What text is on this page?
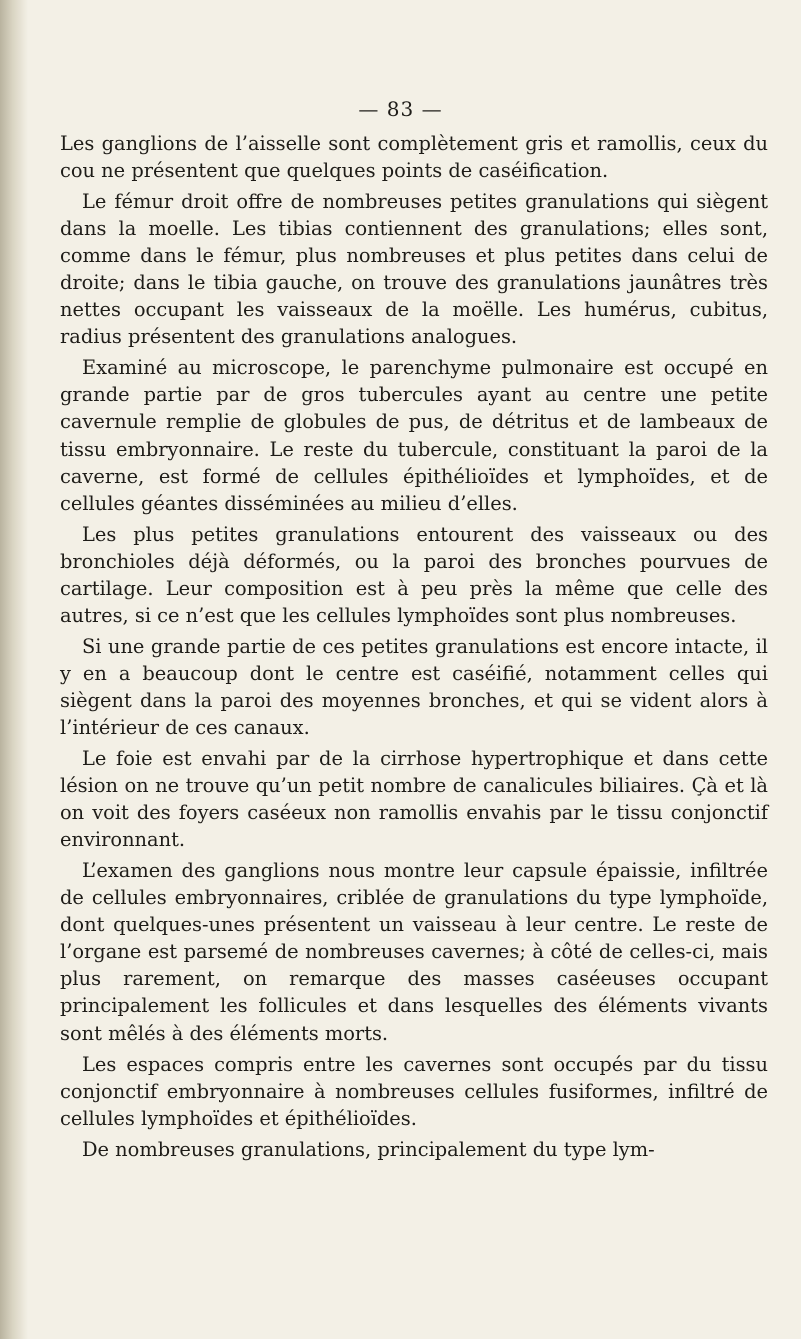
— 83 —

Les ganglions de l’aisselle sont complètement gris et ramollis, ceux du cou ne présentent que quelques points de caséification.

Le fémur droit offre de nombreuses petites granulations qui siègent dans la moelle. Les tibias contiennent des granulations; elles sont, comme dans le fémur, plus nombreuses et plus petites dans celui de droite; dans le tibia gauche, on trouve des granulations jaunâtres très nettes occupant les vaisseaux de la moëlle. Les humérus, cubitus, radius présentent des granulations analogues.

Examiné au microscope, le parenchyme pulmonaire est occupé en grande partie par de gros tubercules ayant au centre une petite cavernule remplie de globules de pus, de détritus et de lambeaux de tissu embryonnaire. Le reste du tubercule, constituant la paroi de la caverne, est formé de cellules épithélioïdes et lymphoïdes, et de cellules géantes disséminées au milieu d’elles.

Les plus petites granulations entourent des vaisseaux ou des bronchioles déjà déformés, ou la paroi des bronches pourvues de cartilage. Leur composition est à peu près la même que celle des autres, si ce n’est que les cellules lymphoïdes sont plus nombreuses.

Si une grande partie de ces petites granulations est encore intacte, il y en a beaucoup dont le centre est caséifié, notamment celles qui siègent dans la paroi des moyennes bronches, et qui se vident alors à l’intérieur de ces canaux.

Le foie est envahi par de la cirrhose hypertrophique et dans cette lésion on ne trouve qu’un petit nombre de canalicules biliaires. Çà et là on voit des foyers caséeux non ramollis envahis par le tissu conjonctif environnant.

L’examen des ganglions nous montre leur capsule épaissie, infiltrée de cellules embryonnaires, criblée de granulations du type lymphoïde, dont quelques-unes présentent un vaisseau à leur centre. Le reste de l’organe est parsemé de nombreuses cavernes; à côté de celles-ci, mais plus rarement, on remarque des masses caséeuses occupant principalement les follicules et dans lesquelles des éléments vivants sont mêlés à des éléments morts.

Les espaces compris entre les cavernes sont occupés par du tissu conjonctif embryonnaire à nombreuses cellules fusiformes, infiltré de cellules lymphoïdes et épithélioïdes.

De nombreuses granulations, principalement du type lym-
